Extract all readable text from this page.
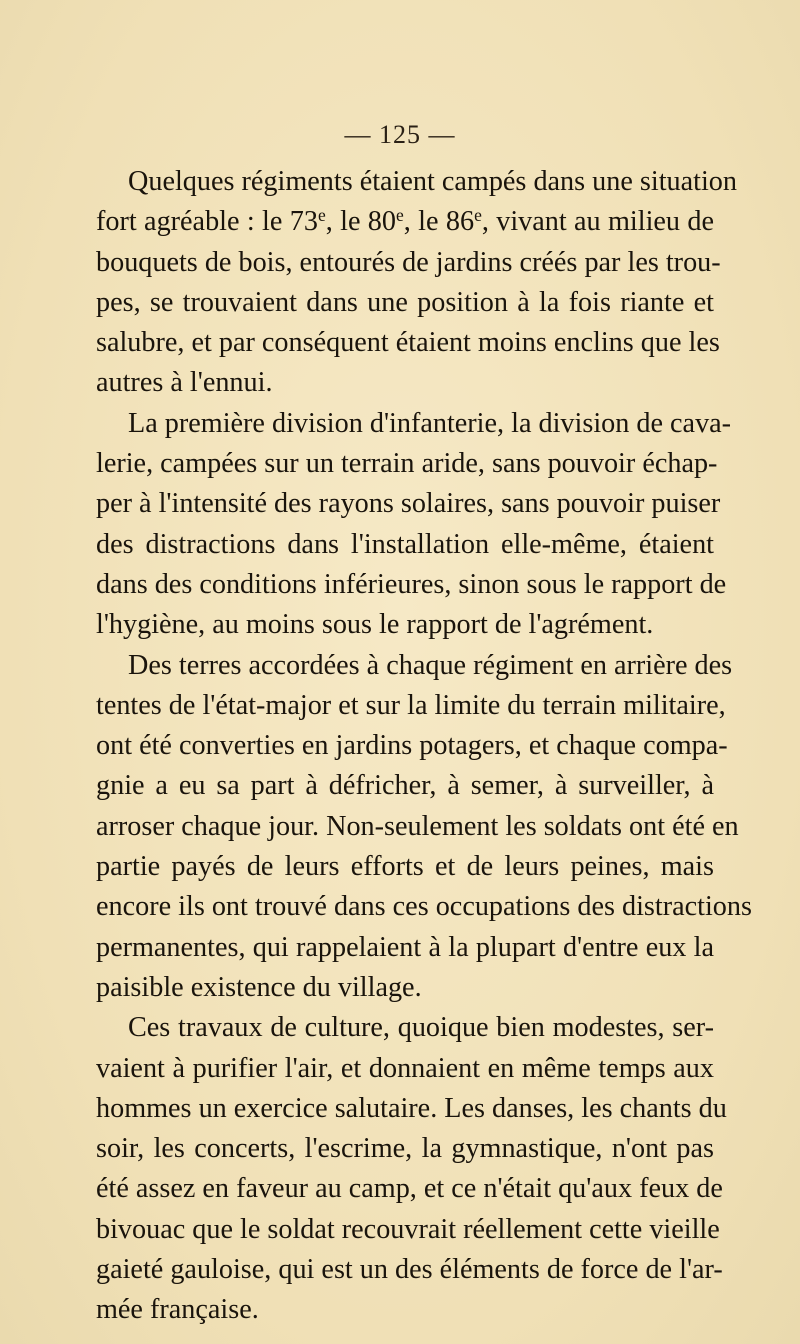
— 125 —
Quelques régiments étaient campés dans une situation
fort agréable : le 73e, le 80e, le 86e, vivant au milieu de
bouquets de bois, entourés de jardins créés par les trou-
pes, se trouvaient dans une position à la fois riante et
salubre, et par conséquent étaient moins enclins que les
autres à l'ennui.
La première division d'infanterie, la division de cava-
lerie, campées sur un terrain aride, sans pouvoir échap-
per à l'intensité des rayons solaires, sans pouvoir puiser
des distractions dans l'installation elle-même, étaient
dans des conditions inférieures, sinon sous le rapport de
l'hygiène, au moins sous le rapport de l'agrément.
Des terres accordées à chaque régiment en arrière des
tentes de l'état-major et sur la limite du terrain militaire,
ont été converties en jardins potagers, et chaque compa-
gnie a eu sa part à défricher, à semer, à surveiller, à
arroser chaque jour. Non-seulement les soldats ont été en
partie payés de leurs efforts et de leurs peines, mais
encore ils ont trouvé dans ces occupations des distractions
permanentes, qui rappelaient à la plupart d'entre eux la
paisible existence du village.
Ces travaux de culture, quoique bien modestes, ser-
vaient à purifier l'air, et donnaient en même temps aux
hommes un exercice salutaire. Les danses, les chants du
soir, les concerts, l'escrime, la gymnastique, n'ont pas
été assez en faveur au camp, et ce n'était qu'aux feux de
bivouac que le soldat recouvrait réellement cette vieille
gaieté gauloise, qui est un des éléments de force de l'ar-
mée française.
